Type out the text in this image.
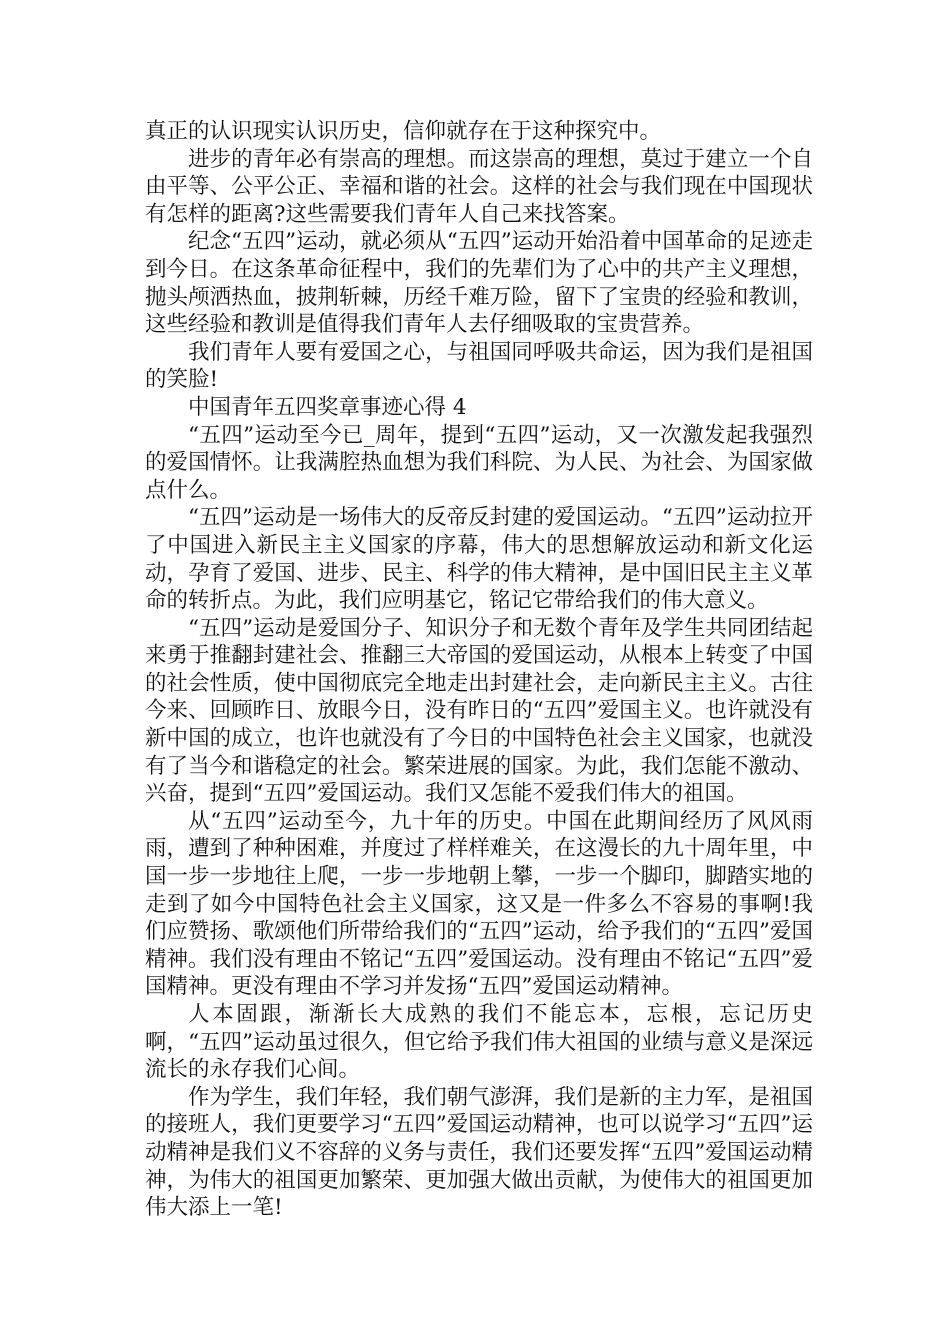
真正的认识现实认识历史，信仰就存在于这种探究中。

进步的青年必有崇高的理想。而这崇高的理想，莫过于建立一个自由平等、公平公正、幸福和谐的社会。这样的社会与我们现在中国现状有怎样的距离?这些需要我们青年人自己来找答案。

纪念“五四”运动，就必须从“五四”运动开始沿着中国革命的足迹走到今日。在这条革命征程中，我们的先辈们为了心中的共产主义理想，抛头颅洒热血，披荆斩棘，历经千难万险，留下了宝贵的经验和教训，这些经验和教训是值得我们青年人去仔细吸取的宝贵营养。

我们青年人要有爱国之心，与祖国同呼吸共命运，因为我们是祖国的笑脸!

中国青年五四奖章事迹心得 4

“五四”运动至今已_周年，提到“五四”运动，又一次激发起我强烈的爱国情怀。让我满腔热血想为我们科院、为人民、为社会、为国家做点什么。

“五四”运动是一场伟大的反帝反封建的爱国运动。“五四”运动拉开了中国进入新民主主义国家的序幕，伟大的思想解放运动和新文化运动，孕育了爱国、进步、民主、科学的伟大精神，是中国旧民主主义革命的转折点。为此，我们应明基它，铭记它带给我们的伟大意义。

“五四”运动是爱国分子、知识分子和无数个青年及学生共同团结起来勇于推翻封建社会、推翻三大帝国的爱国运动，从根本上转变了中国的社会性质，使中国彻底完全地走出封建社会，走向新民主主义。古往今来、回顾昨日、放眼今日，没有昨日的“五四”爱国主义。也许就没有新中国的成立，也许也就没有了今日的中国特色社会主义国家，也就没有了当今和谐稳定的社会。繁荣进展的国家。为此，我们怎能不激动、兴奋，提到“五四”爱国运动。我们又怎能不爱我们伟大的祖国。

从“五四”运动至今，九十年的历史。中国在此期间经历了风风雨雨，遭到了种种困难，并度过了样样难关，在这漫长的九十周年里，中国一步一步地往上爬，一步一步地朝上攀，一步一个脚印，脚踏实地的走到了如今中国特色社会主义国家，这又是一件多么不容易的事啊!我们应赞扬、歌颂他们所带给我们的“五四”运动，给予我们的“五四”爱国精神。我们没有理由不铭记“五四”爱国运动。没有理由不铭记“五四”爱国精神。更没有理由不学习并发扬“五四”爱国运动精神。

人本固跟，渐渐长大成熟的我们不能忘本，忘根，忘记历史啊，“五四”运动虽过很久，但它给予我们伟大祖国的业绩与意义是深远流长的永存我们心间。

作为学生，我们年轻，我们朝气澎湃，我们是新的主力军，是祖国的接班人，我们更要学习“五四”爱国运动精神，也可以说学习“五四”运动精神是我们义不容辞的义务与责任，我们还要发挥“五四”爱国运动精神，为伟大的祖国更加繁荣、更加强大做出贡献，为使伟大的祖国更加伟大添上一笔!
